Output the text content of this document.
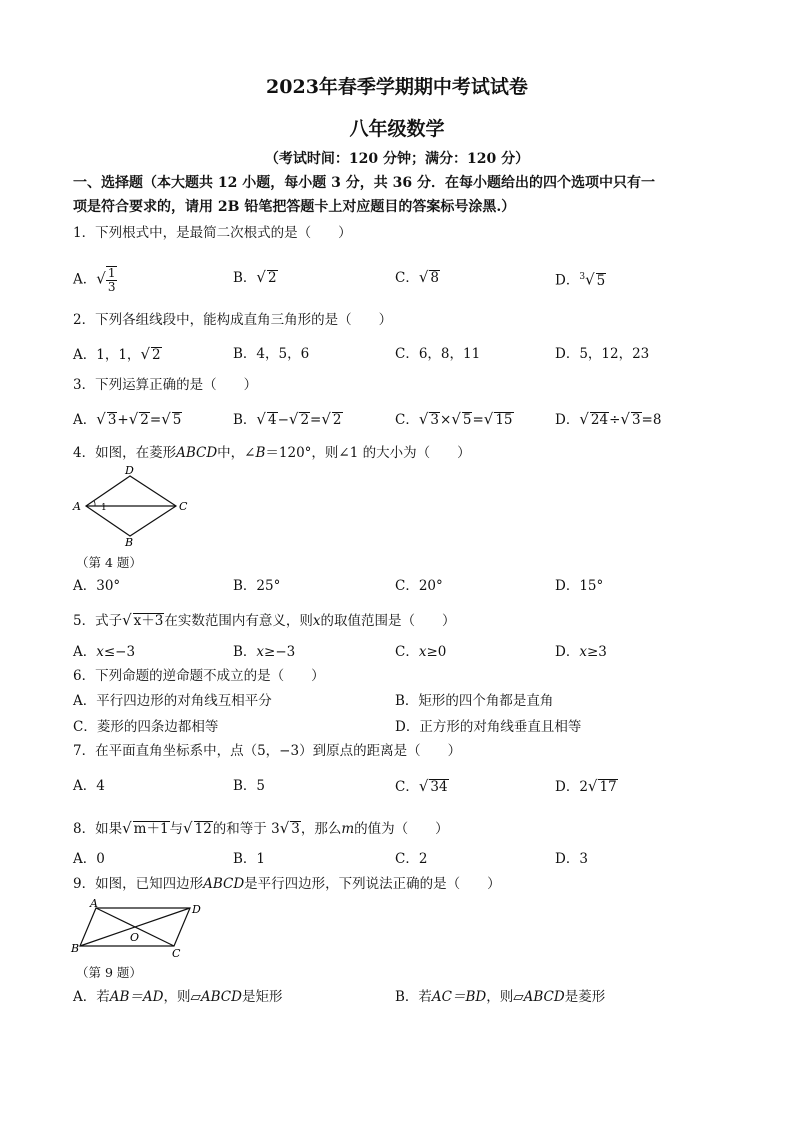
2023年春季学期期中考试试卷
八年级数学
（考试时间：120 分钟；满分：120 分）
一、选择题（本大题共 12 小题，每小题 3 分，共 36 分．在每小题给出的四个选项中只有一
项是符合要求的，请用 2B 铅笔把答题卡上对应题目的答案标号涂黑.）
1．下列根式中，是最简二次根式的是（　　）
A．√ $\frac{1}{3}$	B．√ 2	C．√ 8	D．$^3$√ 5
2．下列各组线段中，能构成直角三角形的是（　　）
A．1，1，√ 2	B．4，5，6	C．6，8，11	D．5，12，23
3．下列运算正确的是（　　）
A．√ 3+√ 2=√ 5	B．√ 4−√ 2=√ 2	C．√ 3×√ 5=√ 15	D．√ 24÷√ 3=8
4．如图，在菱形ABCD中，∠B＝120°，则∠1 的大小为（　　）
A
D
C
B
1
（第 4 题）
A．30°	B．25°	C．20°	D．15°
5．式子√ x＋3在实数范围内有意义，则x的取值范围是（　　）
A．x≤−3	B．x≥−3	C．x≥0	D．x≥3
6．下列命题的逆命题不成立的是（　　）
A．平行四边形的对角线互相平分	B．矩形的四个角都是直角
C．菱形的四条边都相等	D．正方形的对角线垂直且相等
7．在平面直角坐标系中，点（5，−3）到原点的距离是（　　）
A．4	B．5	C．√ 34	D．2√ 17
8．如果√ m＋1与√ 12的和等于 3√ 3，那么m的值为（　　）
A．0	B．1	C．2	D．3
9．如图，已知四边形ABCD是平行四边形，下列说法正确的是（　　）
A	D
C
B
O
（第 9 题）
A．若AB＝AD，则▱ABCD是矩形	B．若AC＝BD，则▱ABCD是菱形
